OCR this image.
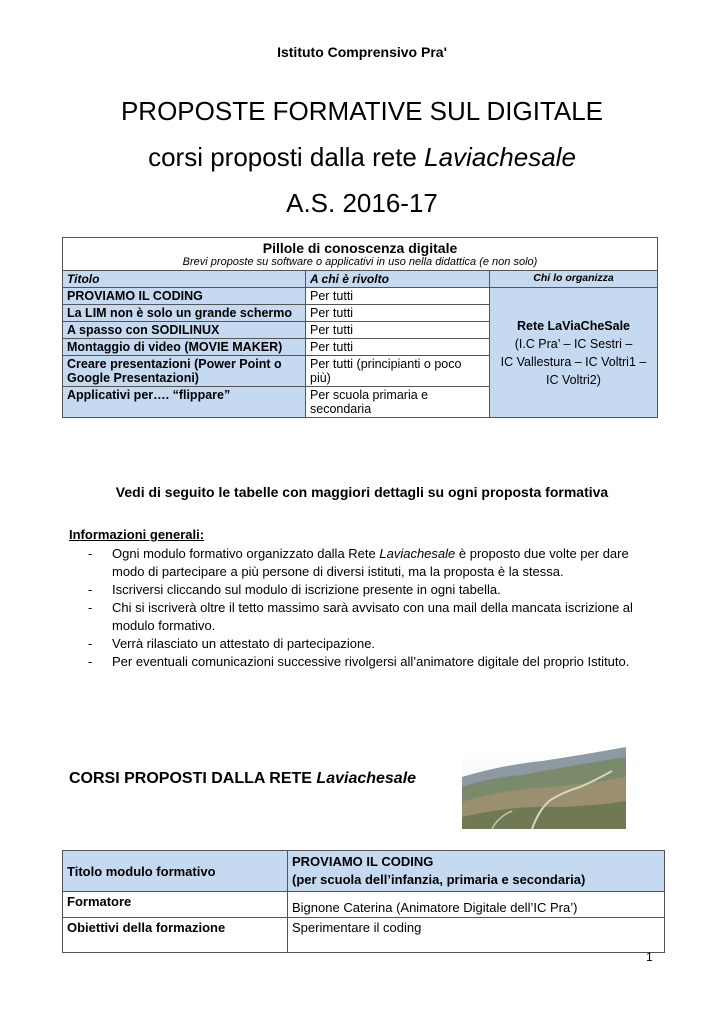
Istituto Comprensivo Pra'
PROPOSTE FORMATIVE SUL DIGITALE
corsi proposti dalla rete Laviachesale
A.S. 2016-17
Pillole di conoscenza digitale
Brevi proposte su software o applicativi in uso nella didattica (e non solo)		

Titolo	A chi è rivolto	Chi lo organizza
PROVIAMO IL CODING	Per tutti	Rete LaViaCheSale
(I.C Pra’ – IC Sestri –
IC Vallestura – IC Voltri1 –
IC Voltri2)

La LIM non è solo un grande schermo	Per tutti	
A spasso con SODILINUX	Per tutti	
Montaggio di video (MOVIE MAKER)	Per tutti	
Creare presentazioni (Power Point o Google Presentazioni)	Per tutti (principianti o poco più)	
Applicativi per…. “flippare”	Per scuola primaria e secondaria	
Vedi di seguito le tabelle con maggiori dettagli su ogni proposta formativa
Informazioni generali:
- Ogni modulo formativo organizzato dalla Rete Laviachesale è proposto due volte per dare modo di partecipare a più persone di diversi istituti, ma la proposta è la stessa.
- Iscriversi cliccando sul modulo di iscrizione presente in ogni tabella.
- Chi si iscriverà oltre il tetto massimo sarà avvisato con una mail della mancata iscrizione al modulo formativo.
- Verrà rilasciato un attestato di partecipazione.
- Per eventuali comunicazioni successive rivolgersi all’animatore digitale del proprio Istituto.
CORSI PROPOSTI DALLA RETE Laviachesale
Titolo modulo formativo	PROVIAMO IL CODING
(per scuola dell’infanzia, primaria e secondaria)

Formatore	Bignone Caterina (Animatore Digitale dell’IC Pra’)
Obiettivi della formazione	Sperimentare il coding
1
